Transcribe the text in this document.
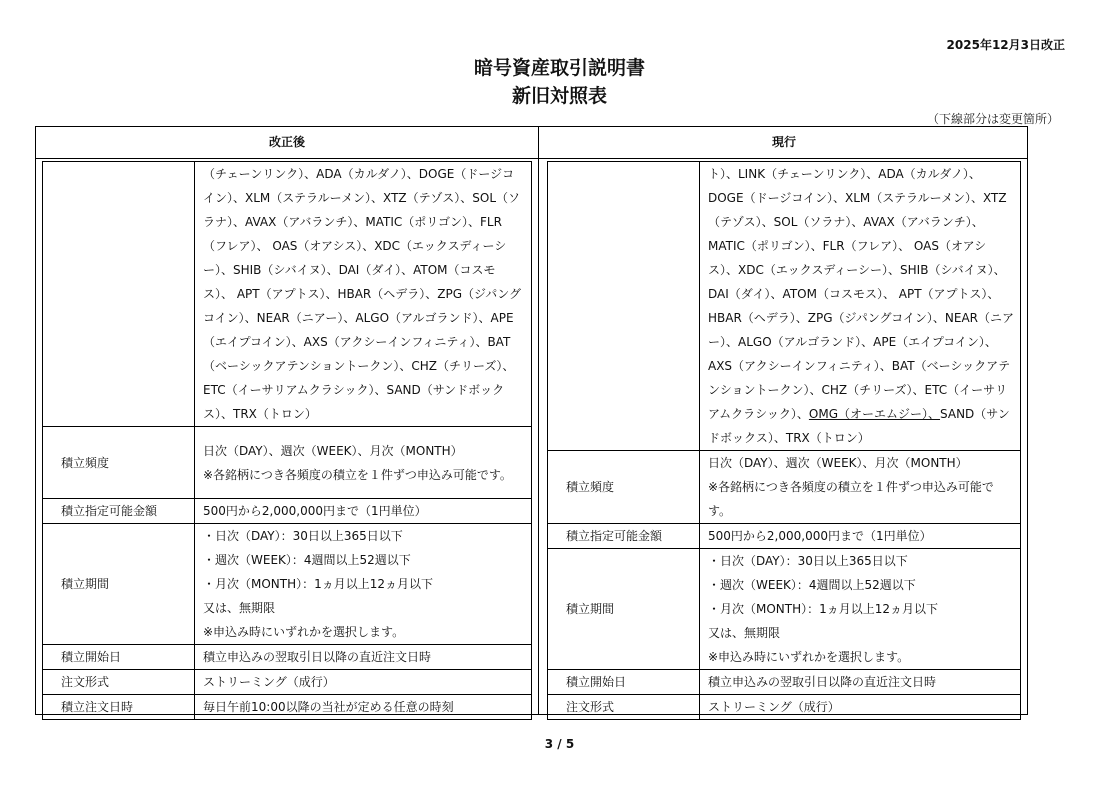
2025年12月3日改正
暗号資産取引説明書
新旧対照表
（下線部分は変更箇所）
改正後	現行
	（チェーンリンク）、ADA（カルダノ）、DOGE（ドージコイン）、XLM（ステラルーメン）、XTZ（テゾス）、SOL（ソラナ）、AVAX（アバランチ）、MATIC（ポリゴン）、FLR（フレア）、 OAS（オアシス）、XDC（エックスディーシー）、SHIB（シバイヌ）、DAI（ダイ）、ATOM（コスモス）、 APT（アプトス）、HBAR（ヘデラ）、ZPG（ジパングコイン）、NEAR（ニアー）、ALGO（アルゴランド）、APE（エイプコイン）、AXS（アクシーインフィニティ）、BAT（ベーシックアテンショントークン）、CHZ（チリーズ）、ETC（イーサリアムクラシック）、SAND（サンドボックス）、TRX（トロン）
積立頻度	日次（DAY）、週次（WEEK）、月次（MONTH）
※各銘柄につき各頻度の積立を１件ずつ申込み可能です。

積立指定可能金額	500円から2,000,000円まで（1円単位）
積立期間	・日次（DAY）：30日以上365日以下
・週次（WEEK）：4週間以上52週以下
・月次（MONTH）：1ヵ月以上12ヵ月以下
又は、無期限
※申込み時にいずれかを選択します。

積立開始日	積立申込みの翌取引日以降の直近注文日時
注文形式	ストリーミング（成行）
積立注文日時	毎日午前10:00以降の当社が定める任意の時刻
	ト）、LINK（チェーンリンク）、ADA（カルダノ）、DOGE（ドージコイン）、XLM（ステラルーメン）、XTZ（テゾス）、SOL（ソラナ）、AVAX（アバランチ）、MATIC（ポリゴン）、FLR（フレア）、 OAS（オアシス）、XDC（エックスディーシー）、SHIB（シバイヌ）、DAI（ダイ）、ATOM（コスモス）、 APT（アプトス）、HBAR（ヘデラ）、ZPG（ジパングコイン）、NEAR（ニアー）、ALGO（アルゴランド）、APE（エイプコイン）、AXS（アクシーインフィニティ）、BAT（ベーシックアテンショントークン）、CHZ（チリーズ）、ETC（イーサリアムクラシック）、OMG（オーエムジー）、SAND（サンドボックス）、TRX（トロン）
積立頻度	日次（DAY）、週次（WEEK）、月次（MONTH）
※各銘柄につき各頻度の積立を１件ずつ申込み可能です。

積立指定可能金額	500円から2,000,000円まで（1円単位）
積立期間	・日次（DAY）：30日以上365日以下
・週次（WEEK）：4週間以上52週以下
・月次（MONTH）：1ヵ月以上12ヵ月以下
又は、無期限
※申込み時にいずれかを選択します。

積立開始日	積立申込みの翌取引日以降の直近注文日時
注文形式	ストリーミング（成行）
3 / 5
